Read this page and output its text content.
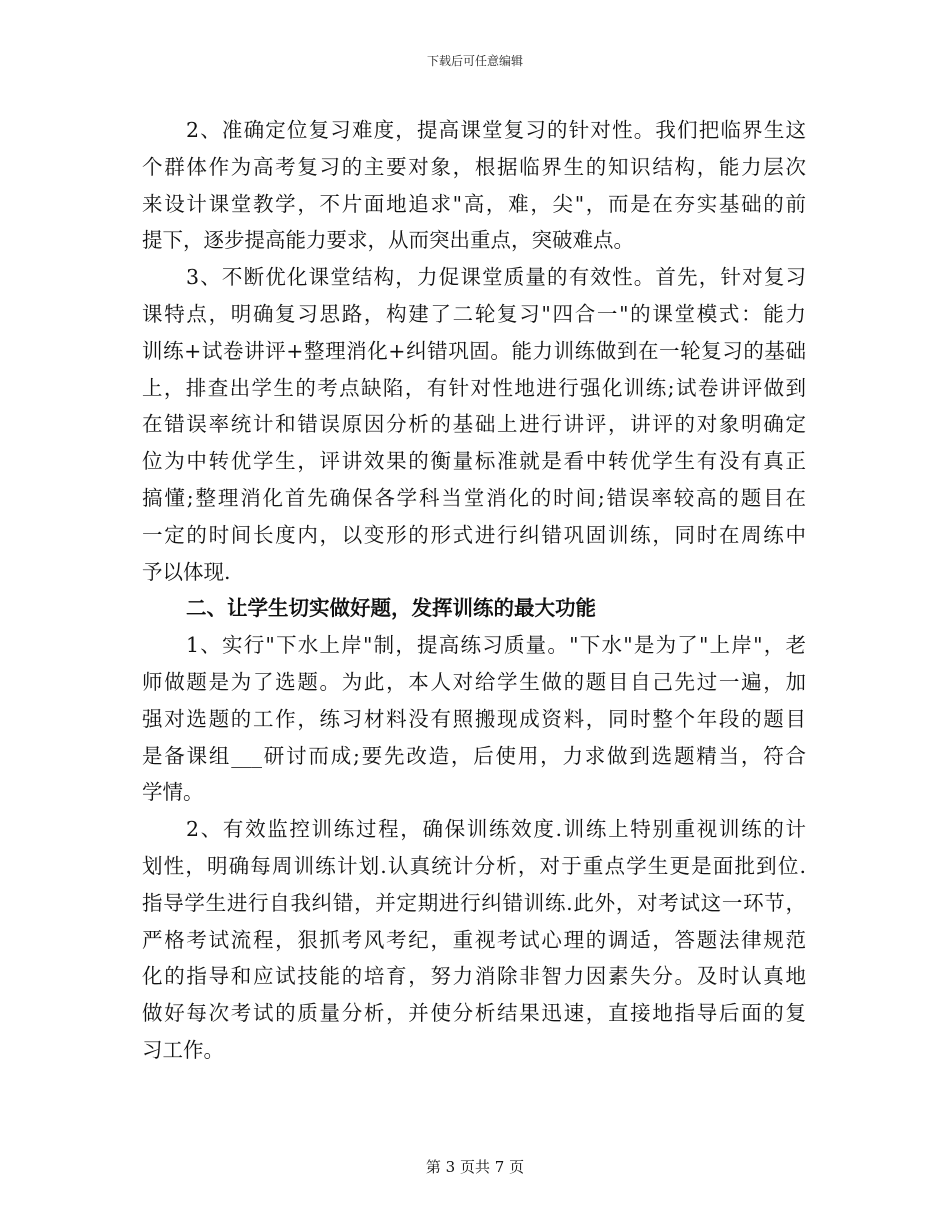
下载后可任意编辑
2、准确定位复习难度，提高课堂复习的针对性。我们把临界生这
个群体作为高考复习的主要对象，根据临界生的知识结构，能力层次
来设计课堂教学，不片面地追求"高，难，尖"，而是在夯实基础的前
提下，逐步提高能力要求，从而突出重点，突破难点。
3、不断优化课堂结构，力促课堂质量的有效性。首先，针对复习
课特点，明确复习思路，构建了二轮复习"四合一"的课堂模式：能力
训练+试卷讲评+整理消化+纠错巩固。能力训练做到在一轮复习的基础
上，排查出学生的考点缺陷，有针对性地进行强化训练;试卷讲评做到
在错误率统计和错误原因分析的基础上进行讲评，讲评的对象明确定
位为中转优学生，评讲效果的衡量标准就是看中转优学生有没有真正
搞懂;整理消化首先确保各学科当堂消化的时间;错误率较高的题目在
一定的时间长度内，以变形的形式进行纠错巩固训练，同时在周练中
予以体现.
二、让学生切实做好题，发挥训练的最大功能
1、实行"下水上岸"制，提高练习质量。"下水"是为了"上岸"，老
师做题是为了选题。为此，本人对给学生做的题目自己先过一遍，加
强对选题的工作，练习材料没有照搬现成资料，同时整个年段的题目
是备课组___研讨而成;要先改造，后使用，力求做到选题精当，符合
学情。
2、有效监控训练过程，确保训练效度.训练上特别重视训练的计
划性，明确每周训练计划.认真统计分析，对于重点学生更是面批到位.
指导学生进行自我纠错，并定期进行纠错训练.此外，对考试这一环节，
严格考试流程，狠抓考风考纪，重视考试心理的调适，答题法律规范
化的指导和应试技能的培育，努力消除非智力因素失分。及时认真地
做好每次考试的质量分析，并使分析结果迅速，直接地指导后面的复
习工作。
第 3 页共 7 页
